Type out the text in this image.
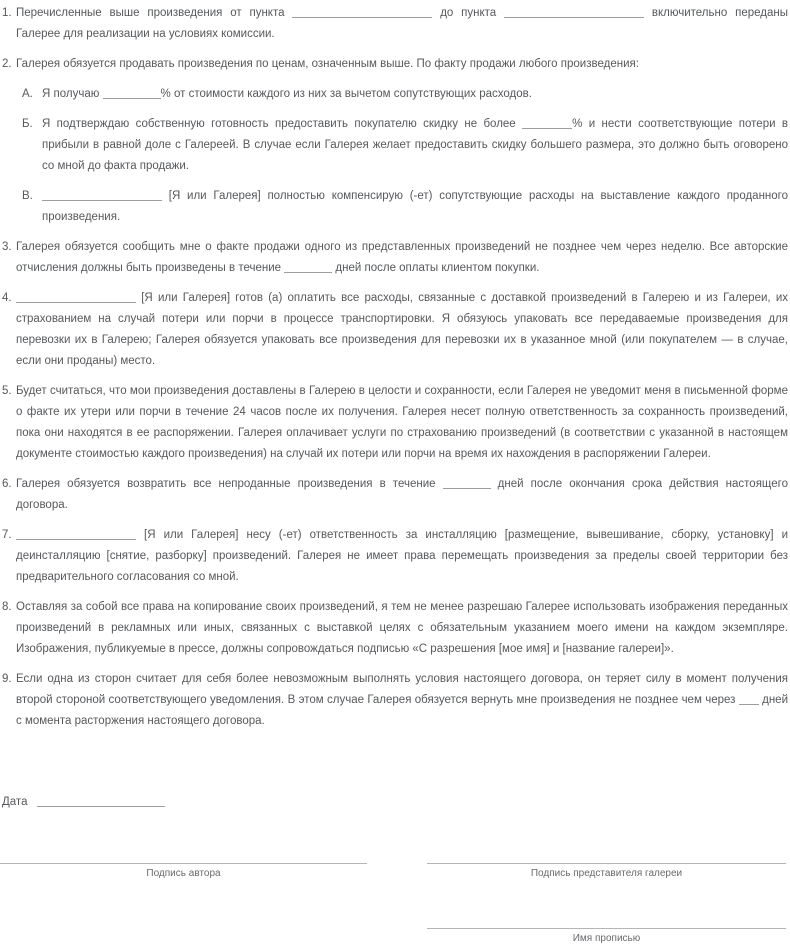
1. Перечисленные выше произведения от пункта	до пункта	включительно переданы Галерее для реализации на условиях комиссии.

2. Галерея обязуется продавать произведения по ценам, означенным выше. По факту продажи любого произведения:

А. Я получаю	% от стоимости каждого из них за вычетом сопутствующих расходов.

Б. Я подтверждаю собственную готовность предоставить покупателю скидку не более	% и нести соответствующие потери в прибыли в равной доле с Галереей. В случае если Галерея желает предоставить скидку большего размера, это должно быть оговорено со мной до факта продажи.

В.	[Я или Галерея] полностью компенсирую (-ет) сопутствующие расходы на выставление каждого проданного произведения.

3. Галерея обязуется сообщить мне о факте продажи одного из представленных произведений не позднее чем через неделю. Все авторские отчисления должны быть произведены в течение	дней после оплаты клиентом покупки.

4.	[Я или Галерея] готов (а) оплатить все расходы, связанные с доставкой произведений в Галерею и из Галереи, их страхованием на случай потери или порчи в процессе транспортировки. Я обязуюсь упаковать все передаваемые произведения для перевозки их в Галерею; Галерея обязуется упаковать все произведения для перевозки их в указанное мной (или покупателем — в случае, если они проданы) место.

5. Будет считаться, что мои произведения доставлены в Галерею в целости и сохранности, если Галерея не уведомит меня в письменной форме о факте их утери или порчи в течение 24 часов после их получения. Галерея несет полную ответственность за сохранность произведений, пока они находятся в ее распоряжении. Галерея оплачивает услуги по страхованию произведений (в соответствии с указанной в настоящем документе стоимостью каждого произведения) на случай их потери или порчи на время их нахождения в распоряжении Галереи.

6. Галерея обязуется возвратить все непроданные произведения в течение	дней после окончания срока действия настоящего договора.

7.	[Я или Галерея] несу (-ет) ответственность за инсталляцию [размещение, вывешивание, сборку, установку] и деинсталляцию [снятие, разборку] произведений. Галерея не имеет права перемещать произведения за пределы своей территории без предварительного согласования со мной.

8. Оставляя за собой все права на копирование своих произведений, я тем не менее разрешаю Галерее использовать изображения переданных произведений в рекламных или иных, связанных с выставкой целях с обязательным указанием моего имени на каждом экземпляре. Изображения, публикуемые в прессе, должны сопровождаться подписью «С разрешения [мое имя] и [название галереи]».

9. Если одна из сторон считает для себя более невозможным выполнять условия настоящего договора, он теряет силу в момент получения второй стороной соответствующего уведомления. В этом случае Галерея обязуется вернуть мне произведения не позднее чем через  дней с момента расторжения настоящего договора.

Дата
Подпись автора	Подпись представителя галереи
Имя прописью
